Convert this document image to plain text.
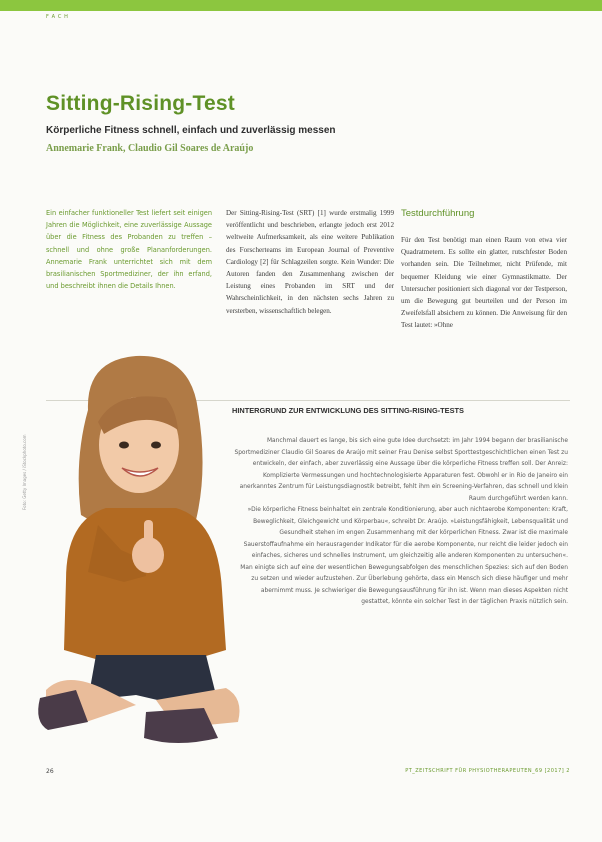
F A C H
Sitting-Rising-Test
Körperliche Fitness schnell, einfach und zuverlässig messen
Annemarie Frank, Claudio Gil Soares de Araújo
Ein einfacher funktioneller Test liefert seit einigen Jahren die Möglichkeit, eine zuverlässige Aussage über die Fitness des Probanden zu treffen – schnell und ohne große Plananforderungen. Annemarie Frank unterrichtet sich mit dem brasilianischen Sportmediziner, der ihn erfand, und beschreibt ihnen die Details Ihnen.
Der Sitting-Rising-Test (SRT) [1] wurde erstmalig 1999 veröffentlicht und beschrieben, erlangte jedoch erst 2012 weltweite Aufmerksamkeit, als eine weitere Publikation des Forscherteams im European Journal of Preventive Cardiology [2] für Schlagzeilen sorgte. Kein Wunder: Die Autoren fanden den Zusammenhang zwischen der Leistung eines Probanden im SRT und der Wahrscheinlichkeit, in den nächsten sechs Jahren zu versterben, wissenschaftlich belegen.
Testdurchführung
Für den Test benötigt man einen Raum von etwa vier Quadratmetern. Es sollte ein glatter, rutschfester Boden vorhanden sein. Die Teilnehmer, nicht Prüfende, mit bequemer Kleidung wie einer Gymnastikmatte. Der Untersucher positioniert sich diagonal vor der Testperson, um die Bewegung gut beurteilen und der Person im Zweifelsfall absichern zu können. Die Anweisung für den Test lautet: »Ohne
Foto: Getty Images / iStockphoto.com
HINTERGRUND ZUR ENTWICKLUNG DES SITTING-RISING-TESTS

Manchmal dauert es lange, bis sich eine gute Idee durchsetzt: im Jahr 1994 begann der brasilianische Sportmediziner Claudio Gil Soares de Araújo mit seiner Frau Denise selbst Sporttestgeschichtlichen einen Test zu entwickeln, der einfach, aber zuverlässig eine Aussage über die körperliche Fitness treffen soll. Der Anreiz: Komplizierte Vermessungen und hochtechnologisierte Apparaturen fest. Obwohl er in Rio de Janeiro ein anerkanntes Zentrum für Leistungsdiagnostik betreibt, fehlt ihm ein Screening-Verfahren, das schnell und klein Raum durchgeführt werden kann.

»Die körperliche Fitness beinhaltet ein zentrale Konditionierung, aber auch nichtaerobe Komponenten: Kraft, Beweglichkeit, Gleichgewicht und Körperbau«, schreibt Dr. Araújo. »Leistungsfähigkeit, Lebensqualität und Gesundheit stehen im engen Zusammenhang mit der körperlichen Fitness. Zwar ist die maximale Sauerstoffaufnahme ein herausragender Indikator für die aerobe Komponente, nur reicht die leider jedoch ein einfaches, sicheres und schnelles Instrument, um gleichzeitig alle anderen Komponenten zu untersuchen«.

Man einigte sich auf eine der wesentlichen Bewegungsabfolgen des menschlichen Spezies: sich auf den Boden zu setzen und wieder aufzustehen. Zur Überlebung gehörte, dass ein Mensch sich diese häufiger und mehr abernimmt muss. Je schwieriger die Bewegungsausführung für ihn ist. Wenn man dieses Aspekten nicht gestattet, könnte ein solcher Test in der täglichen Praxis nützlich sein.

26	PT_ZEITSCHRIFT FÜR PHYSIOTHERAPEUTEN_69 [2017] 2
